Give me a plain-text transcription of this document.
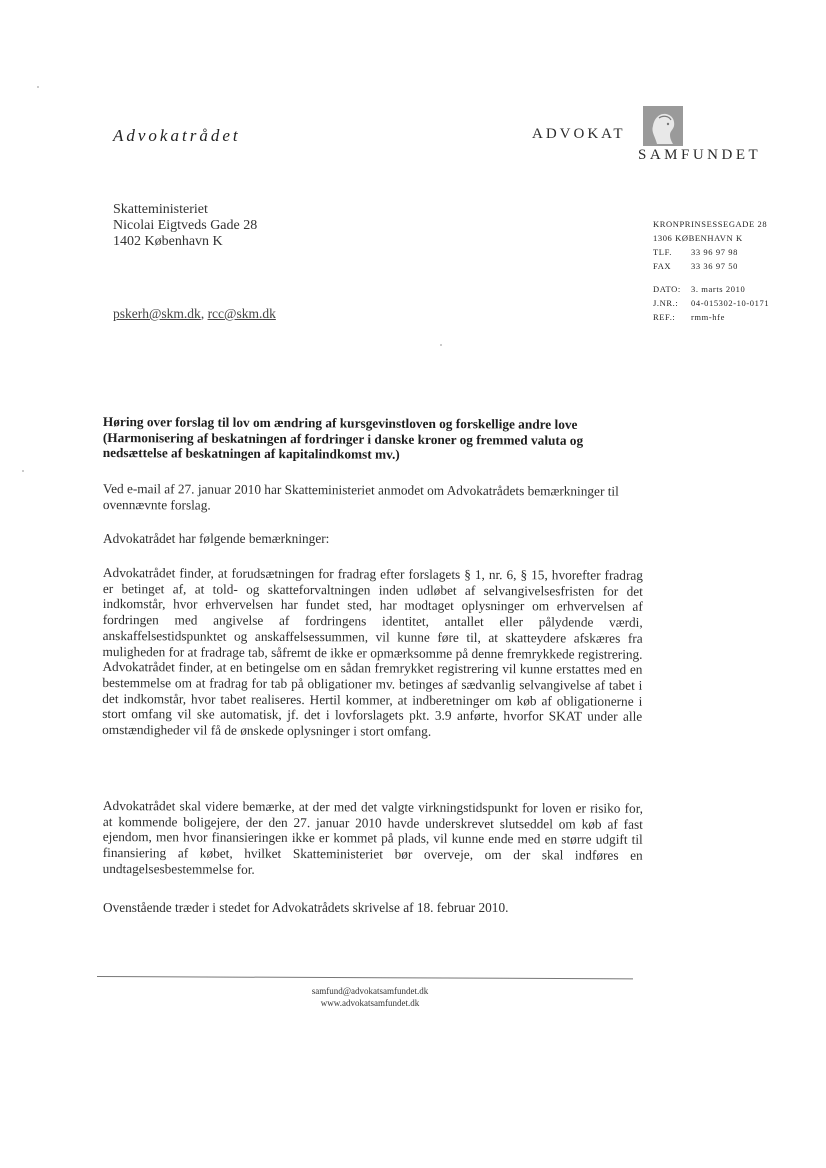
Advokatrådet	ADVOKAT
SAMFUNDET
Skatteministeriet
Nicolai Eigtveds Gade 28
1402 København K
KRONPRINSESSEGADE 28
1306 KØBENHAVN K
TLF. 33 96 97 98
FAX 33 36 97 50
DATO: 3. marts 2010
J.NR.: 04-015302-10-0171
REF.: rmm-hfe
pskerh@skm.dk, rcc@skm.dk
Høring over forslag til lov om ændring af kursgevinstloven og forskellige andre love (Harmonisering af beskatningen af fordringer i danske kroner og fremmed valuta og nedsættelse af beskatningen af kapitalindkomst mv.)
Ved e-mail af 27. januar 2010 har Skatteministeriet anmodet om Advokatrådets bemærkninger til ovennævnte forslag.
Advokatrådet har følgende bemærkninger:
Advokatrådet finder, at forudsætningen for fradrag efter forslagets § 1, nr. 6, § 15, hvorefter fradrag er betinget af, at told- og skatteforvaltningen inden udløbet af selvangivelsesfristen for det indkomstår, hvor erhvervelsen har fundet sted, har modtaget oplysninger om erhvervelsen af fordringen med angivelse af fordringens identitet, antallet eller pålydende værdi, anskaffelsestidspunktet og anskaffelsessummen, vil kunne føre til, at skatteydere afskæres fra muligheden for at fradrage tab, såfremt de ikke er opmærksomme på denne fremrykkede registrering. Advokatrådet finder, at en betingelse om en sådan fremrykket registrering vil kunne erstattes med en bestemmelse om at fradrag for tab på obligationer mv. betinges af sædvanlig selvangivelse af tabet i det indkomstår, hvor tabet realiseres. Hertil kommer, at indberetninger om køb af obligationerne i stort omfang vil ske automatisk, jf. det i lovforslagets pkt. 3.9 anførte, hvorfor SKAT under alle omstændigheder vil få de ønskede oplysninger i stort omfang.
Advokatrådet skal videre bemærke, at der med det valgte virkningstidspunkt for loven er risiko for, at kommende boligejere, der den 27. januar 2010 havde underskrevet slutseddel om køb af fast ejendom, men hvor finansieringen ikke er kommet på plads, vil kunne ende med en større udgift til finansiering af købet, hvilket Skatteministeriet bør overveje, om der skal indføres en undtagelsesbestemmelse for.
Ovenstående træder i stedet for Advokatrådets skrivelse af 18. februar 2010.
samfund@advokatsamfundet.dk
www.advokatsamfundet.dk
